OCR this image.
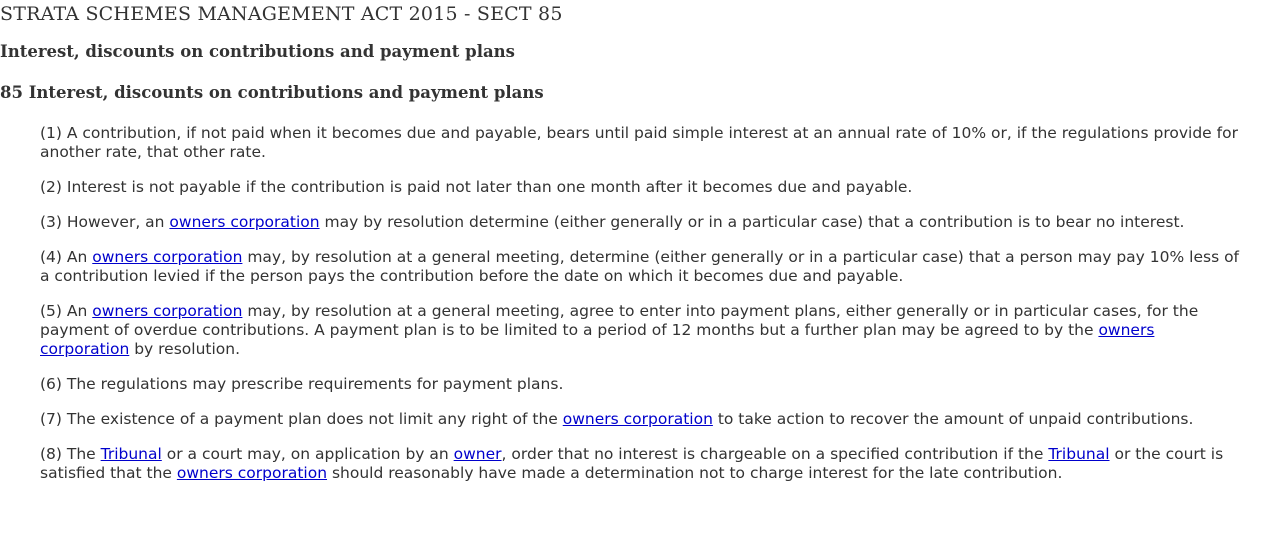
STRATA SCHEMES MANAGEMENT ACT 2015 - SECT 85
Interest, discounts on contributions and payment plans
85 Interest, discounts on contributions and payment plans

(1) A contribution, if not paid when it becomes due and payable, bears until paid simple interest at an annual rate of 10% or, if the regulations provide for another rate, that other rate.

(2) Interest is not payable if the contribution is paid not later than one month after it becomes due and payable.

(3) However, an owners corporation may by resolution determine (either generally or in a particular case) that a contribution is to bear no interest.

(4) An owners corporation may, by resolution at a general meeting, determine (either generally or in a particular case) that a person may pay 10% less of a contribution levied if the person pays the contribution before the date on which it becomes due and payable.

(5) An owners corporation may, by resolution at a general meeting, agree to enter into payment plans, either generally or in particular cases, for the payment of overdue contributions. A payment plan is to be limited to a period of 12 months but a further plan may be agreed to by the owners corporation by resolution.

(6) The regulations may prescribe requirements for payment plans.

(7) The existence of a payment plan does not limit any right of the owners corporation to take action to recover the amount of unpaid contributions.

(8) The Tribunal or a court may, on application by an owner, order that no interest is chargeable on a specified contribution if the Tribunal or the court is satisfied that the owners corporation should reasonably have made a determination not to charge interest for the late contribution.
